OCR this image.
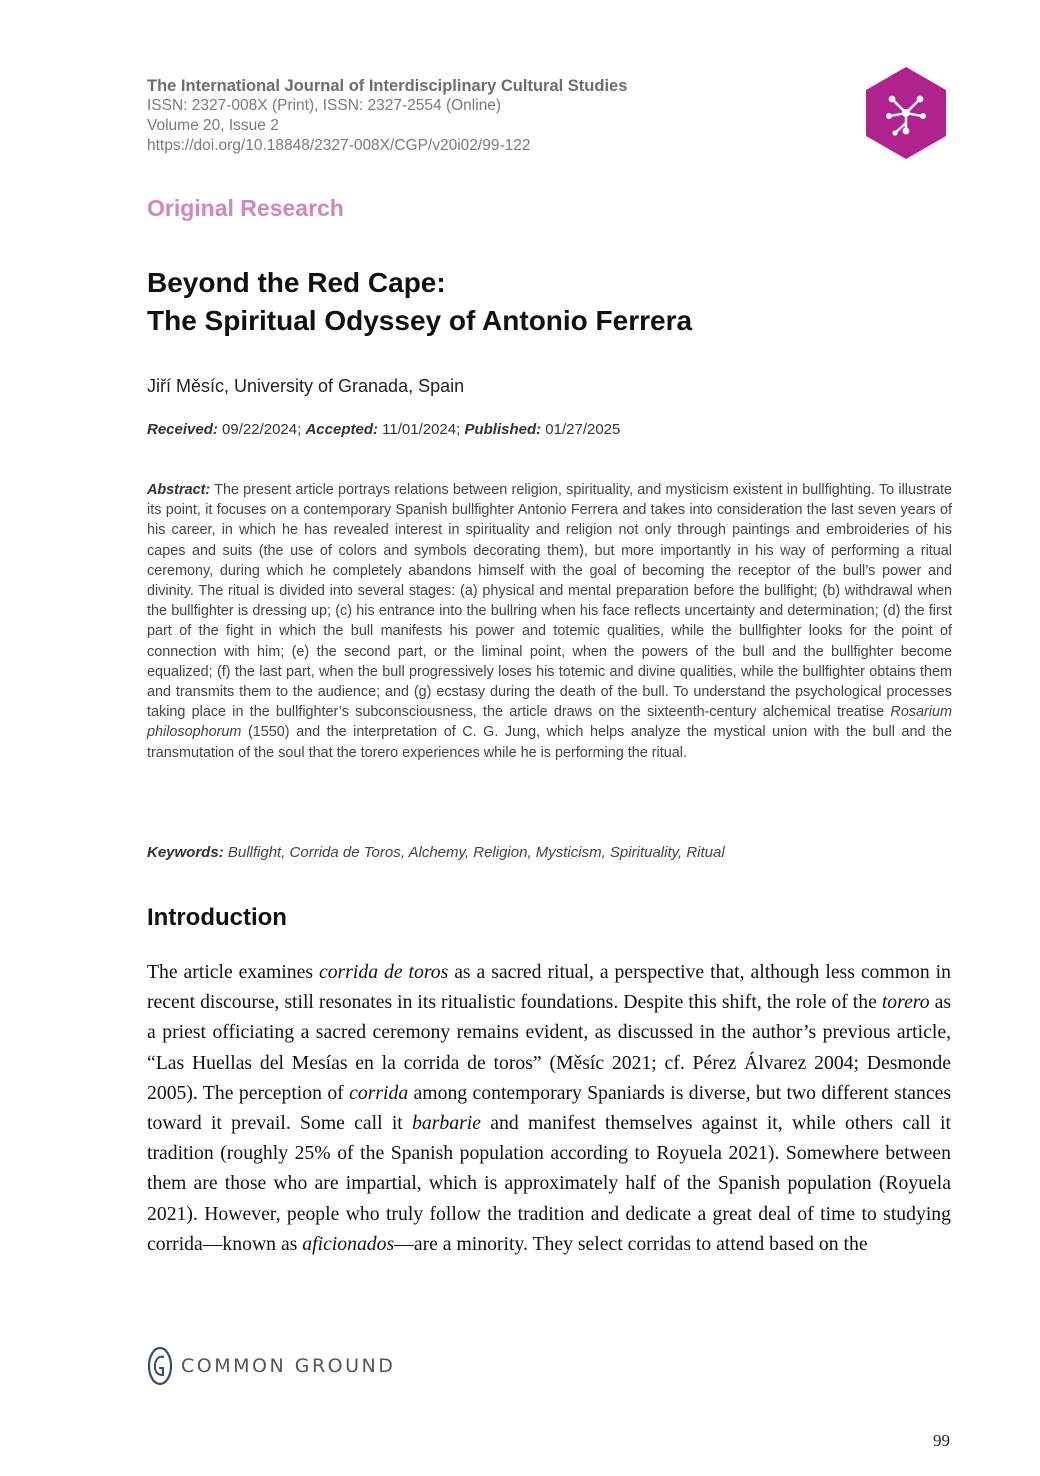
The International Journal of Interdisciplinary Cultural Studies
ISSN: 2327-008X (Print), ISSN: 2327-2554 (Online)
Volume 20, Issue 2
https://doi.org/10.18848/2327-008X/CGP/v20i02/99-122
Original Research
Beyond the Red Cape:
The Spiritual Odyssey of Antonio Ferrera
Jiří Měsíc, University of Granada, Spain
Received: 09/22/2024; Accepted: 11/01/2024; Published: 01/27/2025
Abstract: The present article portrays relations between religion, spirituality, and mysticism existent in bullfighting. To illustrate its point, it focuses on a contemporary Spanish bullfighter Antonio Ferrera and takes into consideration the last seven years of his career, in which he has revealed interest in spirituality and religion not only through paintings and embroideries of his capes and suits (the use of colors and symbols decorating them), but more importantly in his way of performing a ritual ceremony, during which he completely abandons himself with the goal of becoming the receptor of the bull’s power and divinity. The ritual is divided into several stages: (a) physical and mental preparation before the bullfight; (b) withdrawal when the bullfighter is dressing up; (c) his entrance into the bullring when his face reflects uncertainty and determination; (d) the first part of the fight in which the bull manifests his power and totemic qualities, while the bullfighter looks for the point of connection with him; (e) the second part, or the liminal point, when the powers of the bull and the bullfighter become equalized; (f) the last part, when the bull progressively loses his totemic and divine qualities, while the bullfighter obtains them and transmits them to the audience; and (g) ecstasy during the death of the bull. To understand the psychological processes taking place in the bullfighter’s subconsciousness, the article draws on the sixteenth-century alchemical treatise Rosarium philosophorum (1550) and the interpretation of C. G. Jung, which helps analyze the mystical union with the bull and the transmutation of the soul that the torero experiences while he is performing the ritual.
Keywords: Bullfight, Corrida de Toros, Alchemy, Religion, Mysticism, Spirituality, Ritual
Introduction
The article examines corrida de toros as a sacred ritual, a perspective that, although less common in recent discourse, still resonates in its ritualistic foundations. Despite this shift, the role of the torero as a priest officiating a sacred ceremony remains evident, as discussed in the author’s previous article, “Las Huellas del Mesías en la corrida de toros” (Měsíc 2021; cf. Pérez Álvarez 2004; Desmonde 2005). The perception of corrida among contemporary Spaniards is diverse, but two different stances toward it prevail. Some call it barbarie and manifest themselves against it, while others call it tradition (roughly 25% of the Spanish population according to Royuela 2021). Somewhere between them are those who are impartial, which is approximately half of the Spanish population (Royuela 2021). However, people who truly follow the tradition and dedicate a great deal of time to studying corrida—known as aficionados—are a minority. They select corridas to attend based on the
COMMON GROUND
99
